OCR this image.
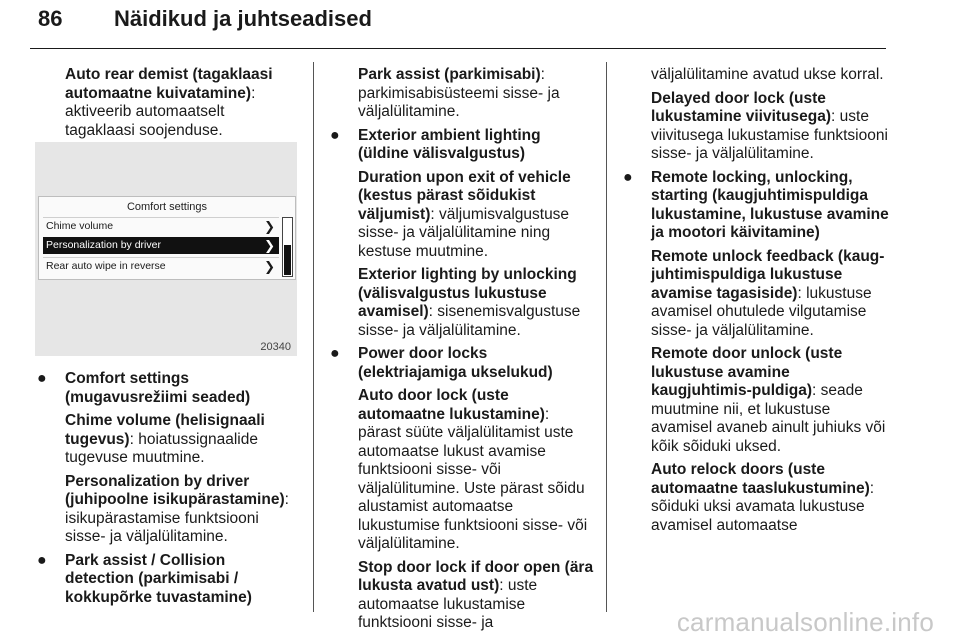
86 Näidikud ja juhtseadised

Auto rear demist (tagaklaasi automaatne kuivatamine): aktiveerib automaatselt tagaklaasi soojenduse.

Comfort settings
Chime volume	❯
Personalization by driver	❯
Rear auto wipe in reverse	❯
20340
● Comfort settings (mugavusrežiimi seaded)

Chime volume (helisignaali tugevus): hoiatussignaalide tugevuse muutmine.

Personalization by driver (juhipoolne isikupärastamine): isikupärastamise funktsiooni sisse- ja väljalülitamine.

● Park assist / Collision detection (parkimisabi / kokkupõrke tuvastamine)

Park assist (parkimisabi): parkimisabisüsteemi sisse- ja väljalülitamine.

● Exterior ambient lighting (üldine välisvalgustus)

Duration upon exit of vehicle (kestus pärast sõidukist väljumist): väljumisvalgustuse sisse- ja väljalülitamine ning kestuse muutmine.

Exterior lighting by unlocking (välisvalgustus lukustuse avamisel): sisenemisvalgustuse sisse- ja väljalülitamine.

● Power door locks (elektriajamiga ukselukud)

Auto door lock (uste automaatne lukustamine): pärast süüte väljalülitamist uste automaatse lukust avamise funktsiooni sisse- või väljalülitumine. Uste pärast sõidu alustamist automaatse lukustumise funktsiooni sisse- või väljalülitamine.

Stop door lock if door open (ära lukusta avatud ust): uste automaatse lukustamise funktsiooni sisse- ja

väljalülitamine avatud ukse korral.

Delayed door lock (uste lukustamine viivitusega): uste viivitusega lukustamise funktsiooni sisse- ja väljalülitamine.

● Remote locking, unlocking, starting (kaugjuhtimispuldiga lukustamine, lukustuse avamine ja mootori käivitamine)

Remote unlock feedback (kaug-juhtimispuldiga lukustuse avamise tagasiside): lukustuse avamisel ohutulede vilgutamise sisse- ja väljalülitamine.

Remote door unlock (uste lukustuse avamine kaugjuhtimis-puldiga): seade muutmine nii, et lukustuse avamisel avaneb ainult juhiuks või kõik sõiduki uksed.

Auto relock doors (uste automaatne taaslukustumine): sõiduki uksi avamata lukustuse avamisel automaatse

carmanualsonline.info
